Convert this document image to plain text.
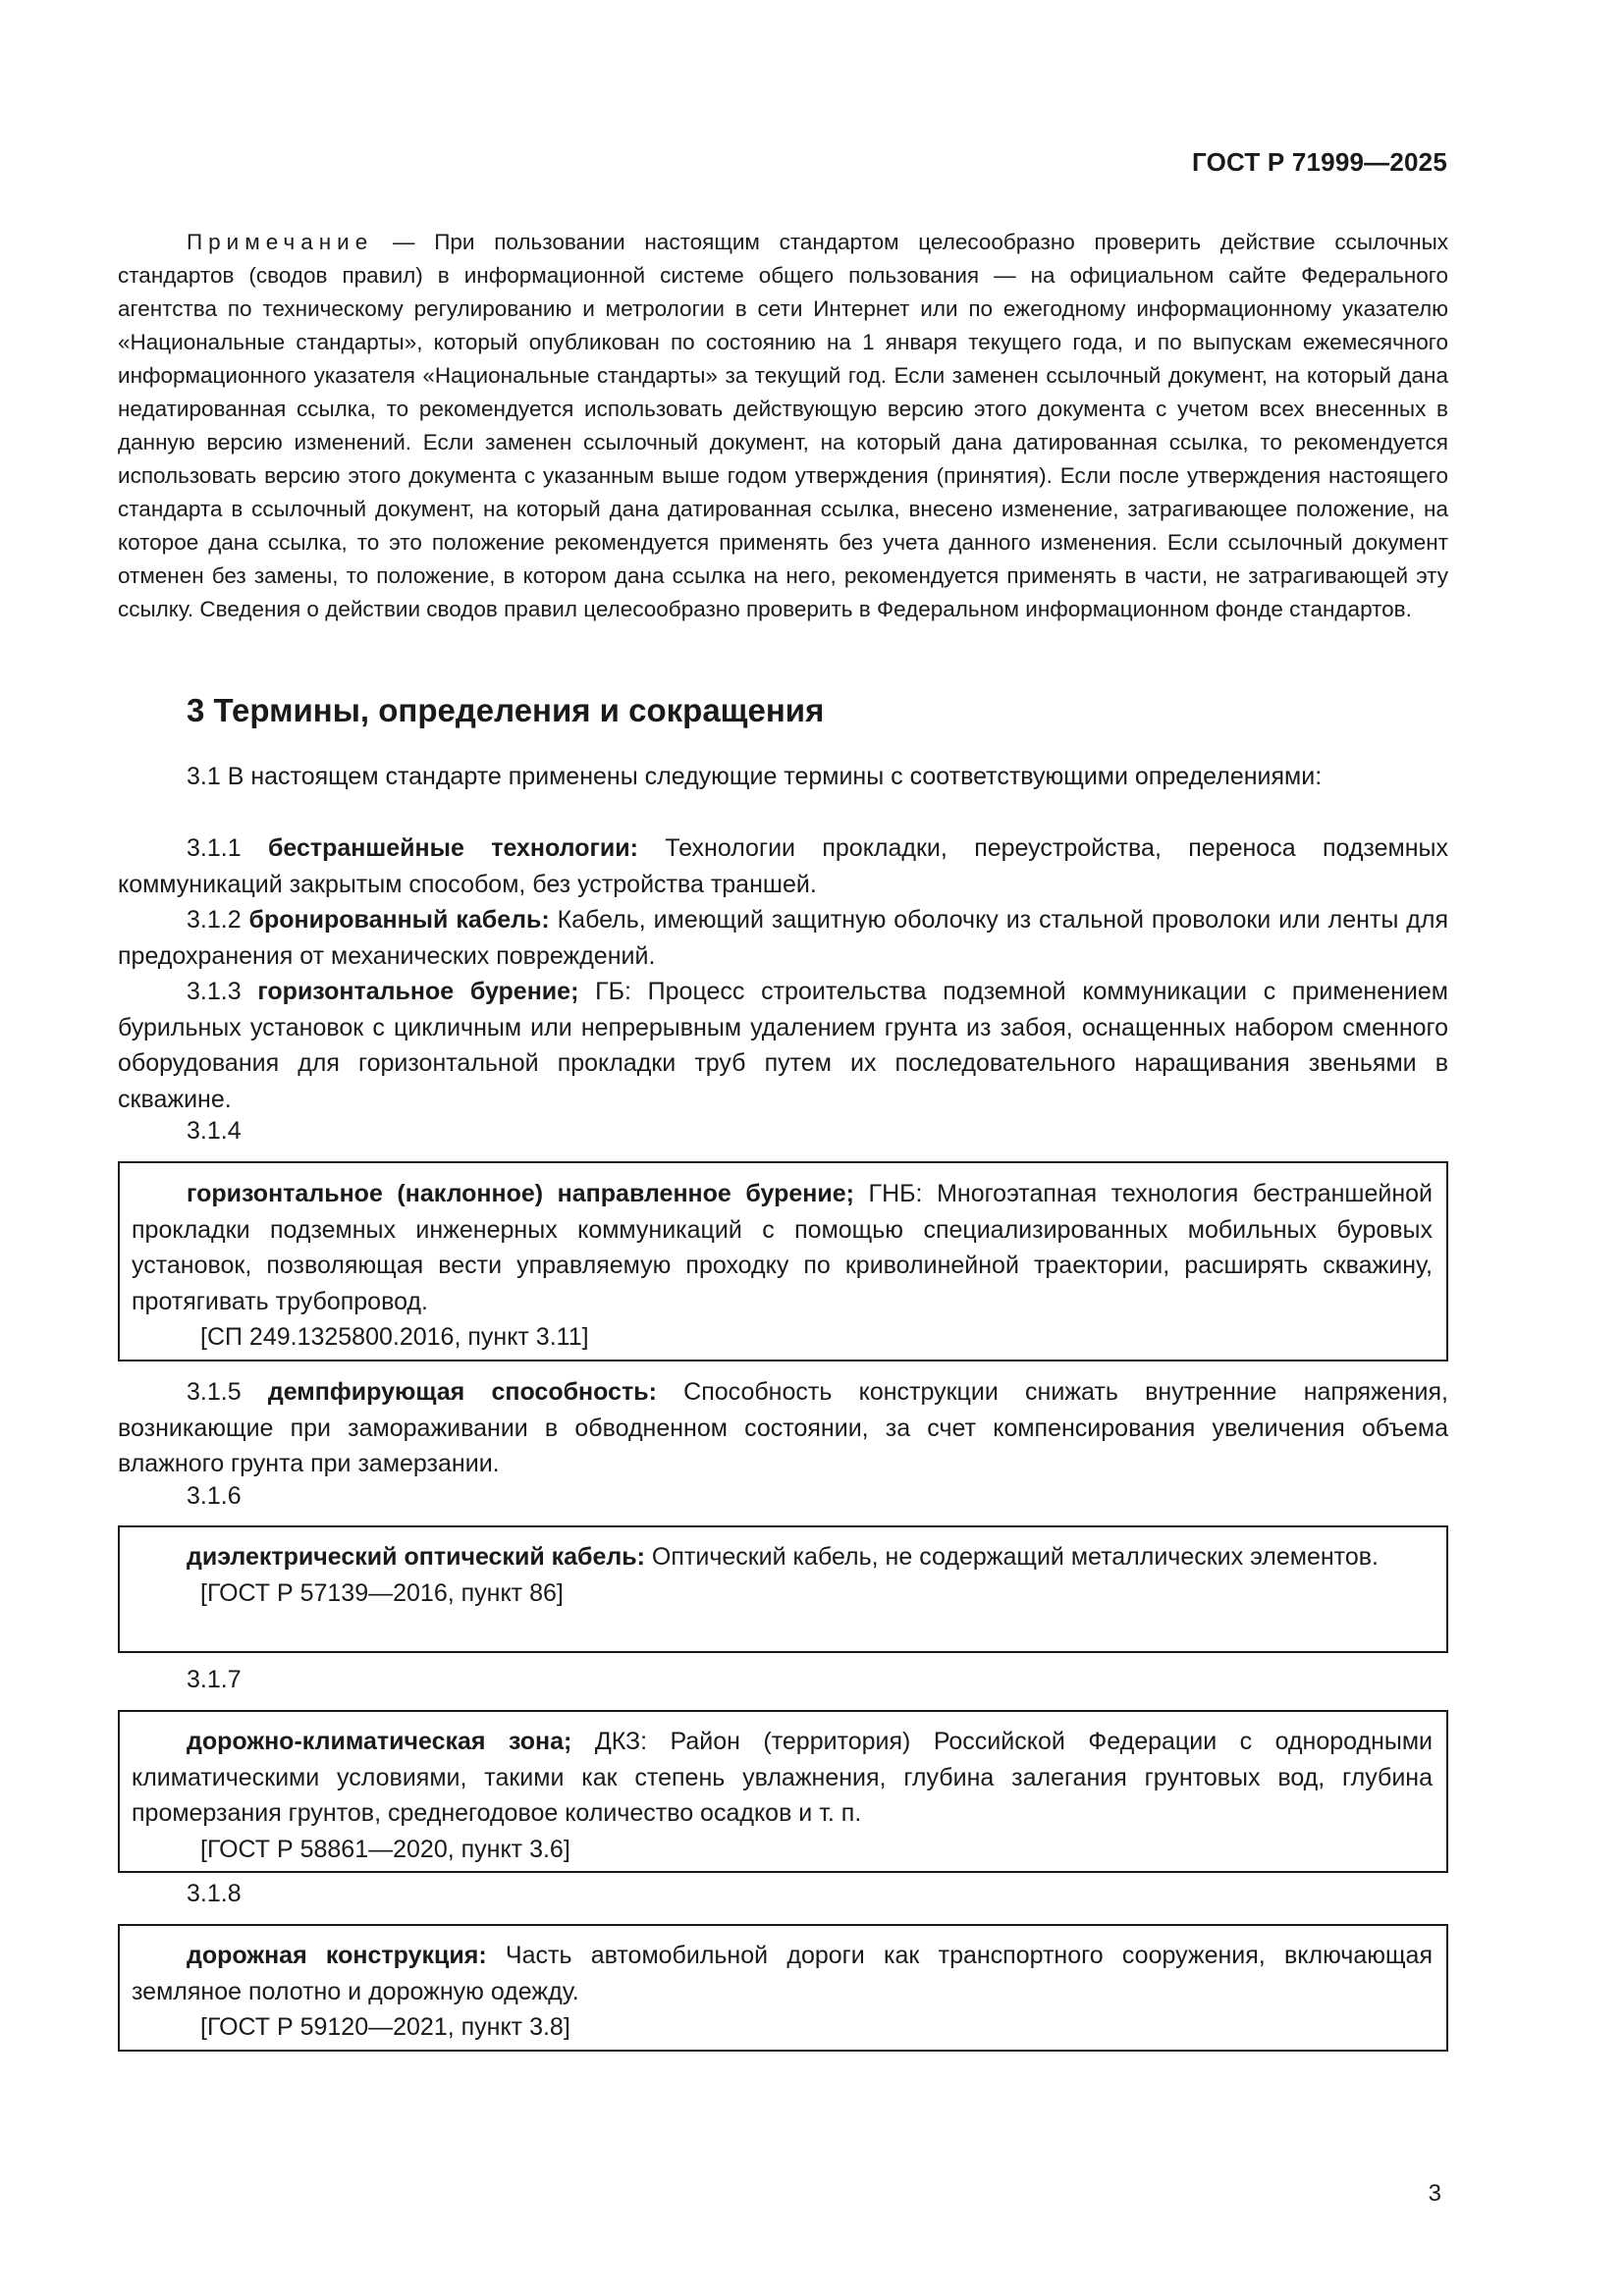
ГОСТ Р 71999—2025

Примечание — При пользовании настоящим стандартом целесообразно проверить действие ссылочных стандартов (сводов правил) в информационной системе общего пользования — на официальном сайте Федерального агентства по техническому регулированию и метрологии в сети Интернет или по ежегодному информационному указателю «Национальные стандарты», который опубликован по состоянию на 1 января текущего года, и по выпускам ежемесячного информационного указателя «Национальные стандарты» за текущий год. Если заменен ссылочный документ, на который дана недатированная ссылка, то рекомендуется использовать действующую версию этого документа с учетом всех внесенных в данную версию изменений. Если заменен ссылочный документ, на который дана датированная ссылка, то рекомендуется использовать версию этого документа с указанным выше годом утверждения (принятия). Если после утверждения настоящего стандарта в ссылочный документ, на который дана датированная ссылка, внесено изменение, затрагивающее положение, на которое дана ссылка, то это положение рекомендуется применять без учета данного изменения. Если ссылочный документ отменен без замены, то положение, в котором дана ссылка на него, рекомендуется применять в части, не затрагивающей эту ссылку. Сведения о действии сводов правил целесообразно проверить в Федеральном информационном фонде стандартов.

3 Термины, определения и сокращения

3.1 В настоящем стандарте применены следующие термины с соответствующими определениями:

3.1.1 бестраншейные технологии: Технологии прокладки, переустройства, переноса подземных коммуникаций закрытым способом, без устройства траншей.

3.1.2 бронированный кабель: Кабель, имеющий защитную оболочку из стальной проволоки или ленты для предохранения от механических повреждений.

3.1.3 горизонтальное бурение; ГБ: Процесс строительства подземной коммуникации с применением бурильных установок с цикличным или непрерывным удалением грунта из забоя, оснащенных набором сменного оборудования для горизонтальной прокладки труб путем их последовательного наращивания звеньями в скважине.

3.1.4

горизонтальное (наклонное) направленное бурение; ГНБ: Многоэтапная технология бестраншейной прокладки подземных инженерных коммуникаций с помощью специализированных мобильных буровых установок, позволяющая вести управляемую проходку по криволинейной траектории, расширять скважину, протягивать трубопровод.

[СП 249.1325800.2016, пункт 3.11]

3.1.5 демпфирующая способность: Способность конструкции снижать внутренние напряжения, возникающие при замораживании в обводненном состоянии, за счет компенсирования увеличения объема влажного грунта при замерзании.

3.1.6

диэлектрический оптический кабель: Оптический кабель, не содержащий металлических элементов.

[ГОСТ Р 57139—2016, пункт 86]

3.1.7

дорожно-климатическая зона; ДКЗ: Район (территория) Российской Федерации с однородными климатическими условиями, такими как степень увлажнения, глубина залегания грунтовых вод, глубина промерзания грунтов, среднегодовое количество осадков и т. п.

[ГОСТ Р 58861—2020, пункт 3.6]

3.1.8

дорожная конструкция: Часть автомобильной дороги как транспортного сооружения, включающая земляное полотно и дорожную одежду.

[ГОСТ Р 59120—2021, пункт 3.8]

3
